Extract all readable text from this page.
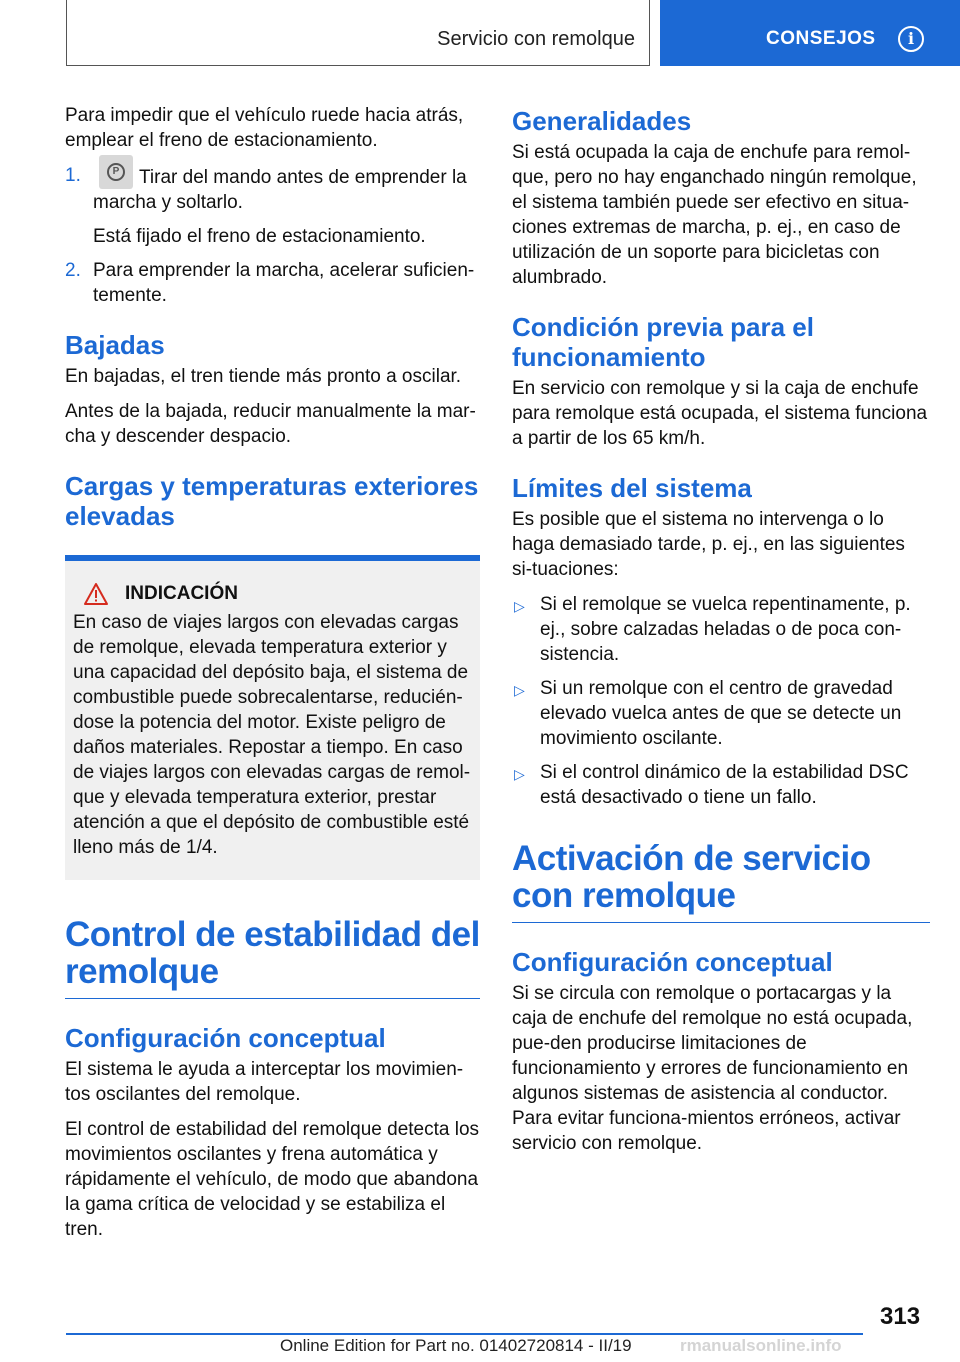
Servicio con remolque	CONSEJOS	i

Para impedir que el vehículo ruede hacia atrás, emplear el freno de estacionamiento.

1.	P Tirar del mando antes de emprender la marcha y soltarlo.
Está fijado el freno de estacionamiento.
2. Para emprender la marcha, acelerar suficien‐temente.
Bajadas

En bajadas, el tren tiende más pronto a oscilar.

Antes de la bajada, reducir manualmente la mar‐cha y descender despacio.

Cargas y temperaturas exteriores elevadas
INDICACIÓN

En caso de viajes largos con elevadas cargas de remolque, elevada temperatura exterior y una capacidad del depósito baja, el sistema de combustible puede sobrecalentarse, reducién‐dose la potencia del motor. Existe peligro de daños materiales. Repostar a tiempo. En caso de viajes largos con elevadas cargas de remol‐que y elevada temperatura exterior, prestar atención a que el depósito de combustible esté lleno más de 1/4.

Control de estabilidad del remolque
Configuración conceptual

El sistema le ayuda a interceptar los movimien‐tos oscilantes del remolque.

El control de estabilidad del remolque detecta los movimientos oscilantes y frena automática y rápidamente el vehículo, de modo que abandona la gama crítica de velocidad y se estabiliza el tren.

Generalidades

Si está ocupada la caja de enchufe para remol‐que, pero no hay enganchado ningún remolque, el sistema también puede ser efectivo en situa‐ciones extremas de marcha, p. ej., en caso de utilización de un soporte para bicicletas con alumbrado.

Condición previa para el funcionamiento

En servicio con remolque y si la caja de enchufe para remolque está ocupada, el sistema funciona a partir de los 65 km/h.

Límites del sistema

Es posible que el sistema no intervenga o lo haga demasiado tarde, p. ej., en las siguientes si‐tuaciones:

▷ Si el remolque se vuelca repentinamente, p. ej., sobre calzadas heladas o de poca con‐sistencia.
▷ Si un remolque con el centro de gravedad elevado vuelca antes de que se detecte un movimiento oscilante.
▷ Si el control dinámico de la estabilidad DSC está desactivado o tiene un fallo.
Activación de servicio con remolque
Configuración conceptual

Si se circula con remolque o portacargas y la caja de enchufe del remolque no está ocupada, pue‐den producirse limitaciones de funcionamiento y errores de funcionamiento en algunos sistemas de asistencia al conductor. Para evitar funciona‐mientos erróneos, activar servicio con remolque.

313
Online Edition for Part no. 01402720814 - II/19	rmanualsonline.info
